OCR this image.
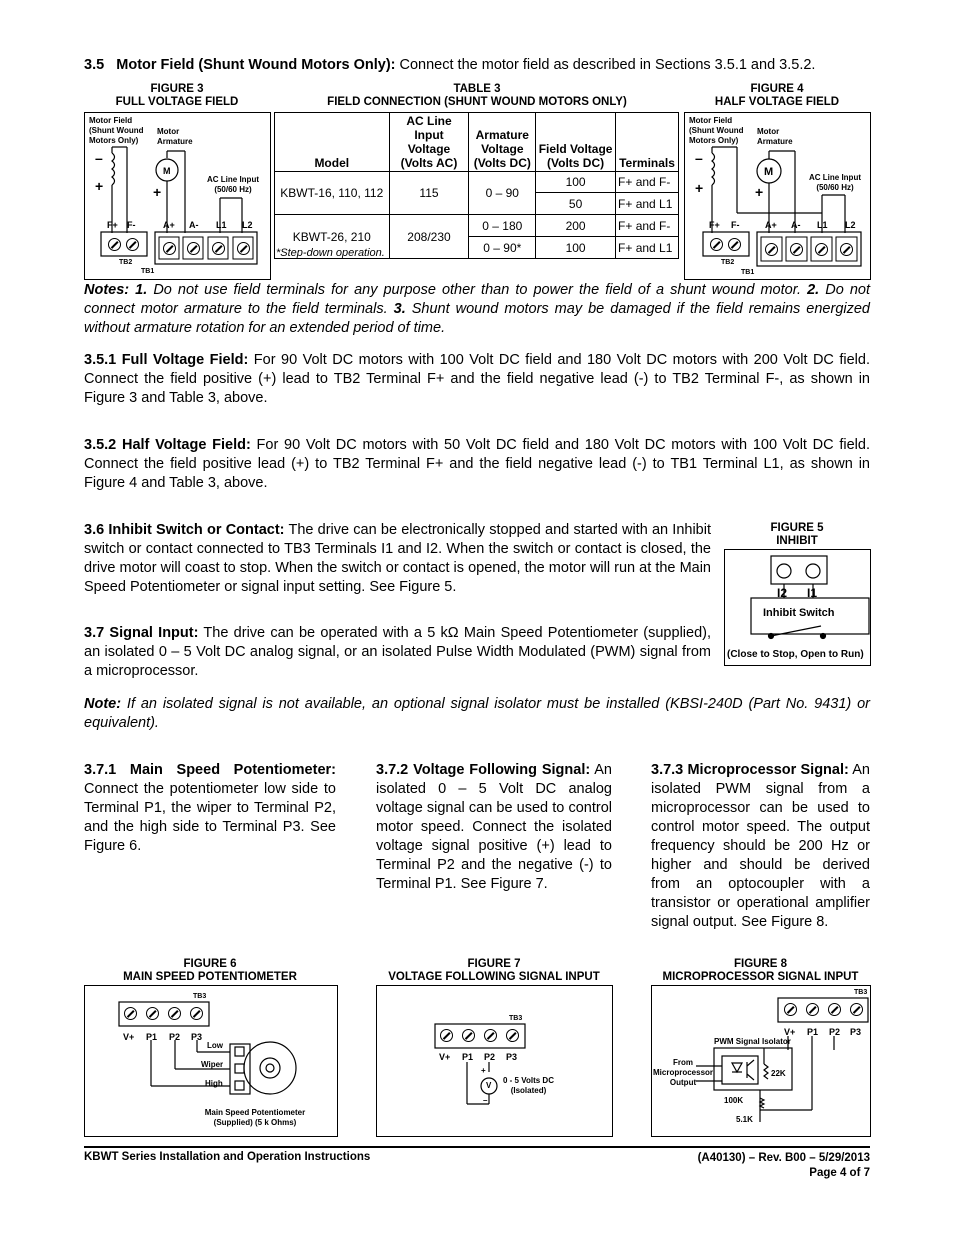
3.5 Motor Field (Shunt Wound Motors Only): Connect the motor field as described in Sections 3.5.1 and 3.5.2.
FIGURE 3
FULL VOLTAGE FIELD
Motor Field
(Shunt Wound
Motors Only)
Motor
Armature
AC Line Input
(50/60 Hz)
+
–
+
M
F+ F-	A+ A- L1 L2
TB2
TB1
TABLE 3
FIELD CONNECTION (SHUNT WOUND MOTORS ONLY)
Model	AC Line Input Voltage (Volts AC)	Armature Voltage (Volts DC)	Field Voltage (Volts DC)	Terminals
KBWT-16, 110, 112	115	0 – 90	100	F+ and F-
			50	F+ and L1
KBWT-26, 210	208/230	0 – 180	200	F+ and F-
		0 – 90*	100	F+ and L1
*Step-down operation.
FIGURE 4
HALF VOLTAGE FIELD
Motor Field
(Shunt Wound
Motors Only)
Motor
Armature
AC Line Input
(50/60 Hz)
+
–
+
M
F+ F-	A+ A- L1 L2
TB2
TB1
Notes: 1. Do not use field terminals for any purpose other than to power the field of a shunt wound motor. 2. Do not connect motor armature to the field terminals. 3. Shunt wound motors may be damaged if the field remains energized without armature rotation for an extended period of time.
3.5.1 Full Voltage Field: For 90 Volt DC motors with 100 Volt DC field and 180 Volt DC motors with 200 Volt DC field. Connect the field positive (+) lead to TB2 Terminal F+ and the field negative lead (-) to TB2 Terminal F-, as shown in Figure 3 and Table 3, above.
3.5.2 Half Voltage Field: For 90 Volt DC motors with 50 Volt DC field and 180 Volt DC motors with 100 Volt DC field. Connect the field positive lead (+) to TB2 Terminal F+ and the field negative lead (-) to TB1 Terminal L1, as shown in Figure 4 and Table 3, above.
3.6 Inhibit Switch or Contact: The drive can be electronically stopped and started with an Inhibit switch or contact connected to TB3 Terminals I1 and I2. When the switch or contact is closed, the drive motor will coast to stop. When the switch or contact is opened, the motor will run at the Main Speed Potentiometer or signal input setting. See Figure 5.
FIGURE 5
INHIBIT
I2 I1
Inhibit Switch
(Close to Stop, Open to Run)
3.7 Signal Input: The drive can be operated with a 5 kΩ Main Speed Potentiometer (supplied), an isolated 0 – 5 Volt DC analog signal, or an isolated Pulse Width Modulated (PWM) signal from a microprocessor.
Note: If an isolated signal is not available, an optional signal isolator must be installed (KBSI-240D (Part No. 9431) or equivalent).
3.7.1 Main Speed Potentiometer: Connect the potentiometer low side to Terminal P1, the wiper to Terminal P2, and the high side to Terminal P3. See Figure 6.
3.7.2 Voltage Following Signal: An isolated 0 – 5 Volt DC analog voltage signal can be used to control motor speed. Connect the isolated voltage signal positive (+) lead to Terminal P2 and the negative (-) to Terminal P1. See Figure 7.
3.7.3 Microprocessor Signal: An isolated PWM signal from a microprocessor can be used to control motor speed. The output frequency should be 200 Hz or higher and should be derived from an optocoupler with a transistor or operational amplifier signal output. See Figure 8.
FIGURE 6
MAIN SPEED POTENTIOMETER
TB3
V+ P1 P2 P3
Low
Wiper
High
Main Speed Potentiometer
(Supplied) (5 k Ohms)
FIGURE 7
VOLTAGE FOLLOWING SIGNAL INPUT
TB3
V+ P1 P2 P3
V
+
–
0 - 5 Volts DC
(Isolated)
FIGURE 8
MICROPROCESSOR SIGNAL INPUT
TB3
V+ P1 P2 P3
PWM Signal Isolator
From
Microprocessor
Output
22K
100K
5.1K
KBWT Series Installation and Operation Instructions	(A40130) – Rev. B00 – 5/29/2013
Page 4 of 7
